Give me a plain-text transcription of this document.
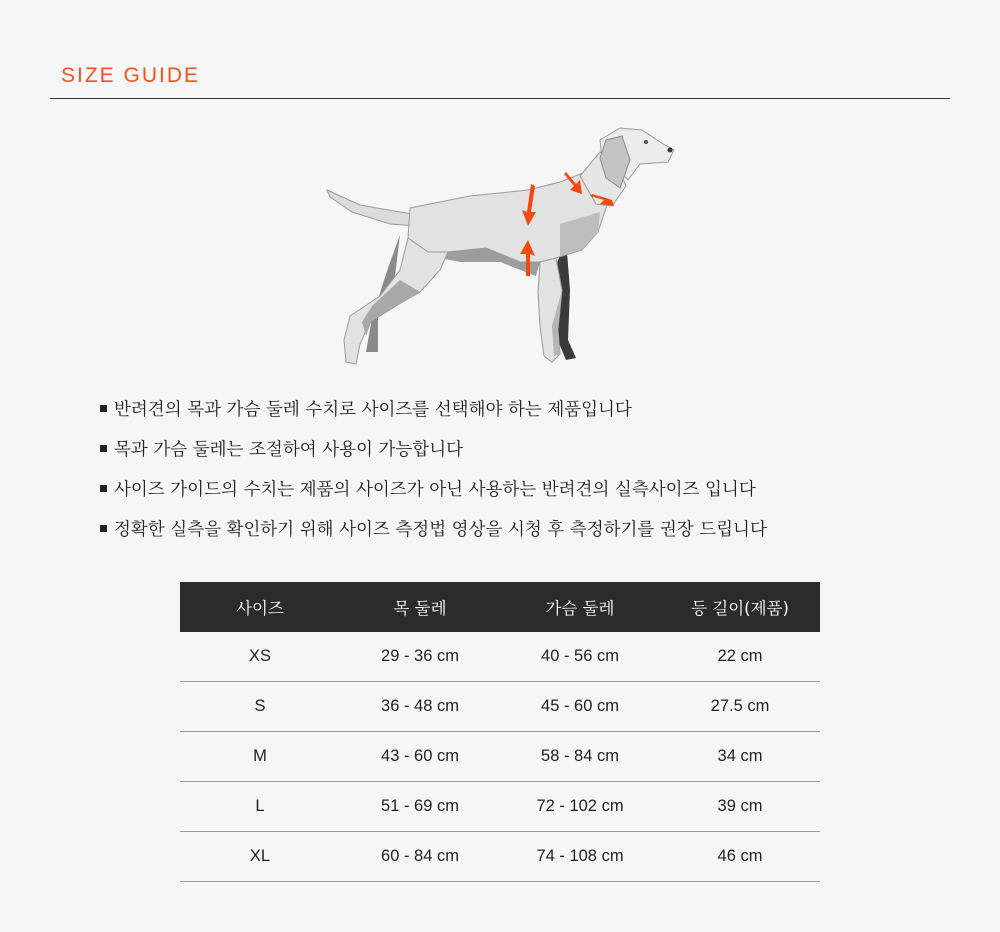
SIZE GUIDE
반려견의 목과 가슴 둘레 수치로 사이즈를 선택해야 하는 제품입니다
목과 가슴 둘레는 조절하여 사용이 가능합니다
사이즈 가이드의 수치는 제품의 사이즈가 아닌 사용하는 반려견의 실측사이즈 입니다
정확한 실측을 확인하기 위해 사이즈 측정법 영상을 시청 후 측정하기를 권장 드립니다
사이즈	목 둘레	가슴 둘레	등 길이(제품)
XS	29 - 36 cm	40 - 56 cm	22 cm
S	36 - 48 cm	45 - 60 cm	27.5 cm
M	43 - 60 cm	58 - 84 cm	34 cm
L	51 - 69 cm	72 - 102 cm	39 cm
XL	60 - 84 cm	74 - 108 cm	46 cm
